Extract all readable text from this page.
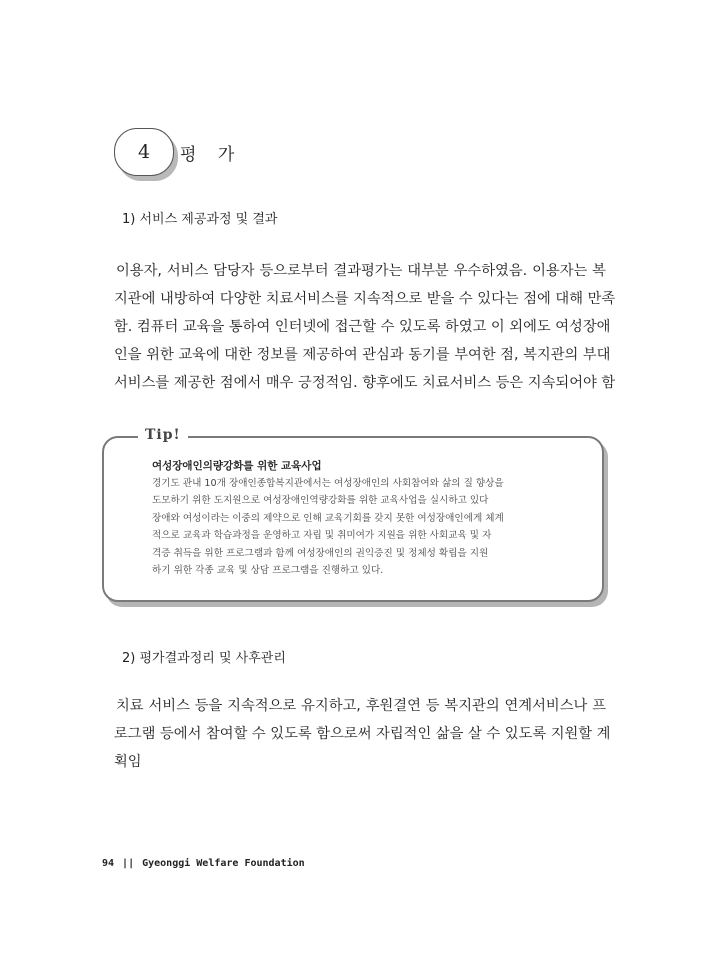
4 평 가
1) 서비스 제공과정 및 결과
이용자, 서비스 담당자 등으로부터 결과평가는 대부분 우수하였음. 이용자는 복
지관에 내방하여 다양한 치료서비스를 지속적으로 받을 수 있다는 점에 대해 만족
함. 컴퓨터 교육을 통하여 인터넷에 접근할 수 있도록 하였고 이 외에도 여성장애
인을 위한 교육에 대한 정보를 제공하여 관심과 동기를 부여한 점, 복지관의 부대
서비스를 제공한 점에서 매우 긍정적임. 향후에도 치료서비스 등은 지속되어야 함
Tip!
여성장애인의량강화를 위한 교육사업
경기도 관내 10개 장애인종합복지관에서는 여성장애인의 사회참여와 삶의 질 향상을
도모하기 위한 도지원으로 여성장애인역량강화를 위한 교육사업을 실시하고 있다
장애와 여성이라는 이중의 제약으로 인해 교육기회를 갖지 못한 여성장애인에게 체계
적으로 교육과 학습과정을 운영하고 자립 및 취미여가 지원을 위한 사회교육 및 자
격증 취득을 위한 프로그램과 함께 여성장애인의 권익증진 및 정체성 확립을 지원
하기 위한 각종 교육 및 상담 프로그램을 진행하고 있다.
2) 평가결과정리 및 사후관리
치료 서비스 등을 지속적으로 유지하고, 후원결연 등 복지관의 연계서비스나 프
로그램 등에서 참여할 수 있도록 함으로써 자립적인 삶을 살 수 있도록 지원할 계
획임
94 || Gyeonggi Welfare Foundation
